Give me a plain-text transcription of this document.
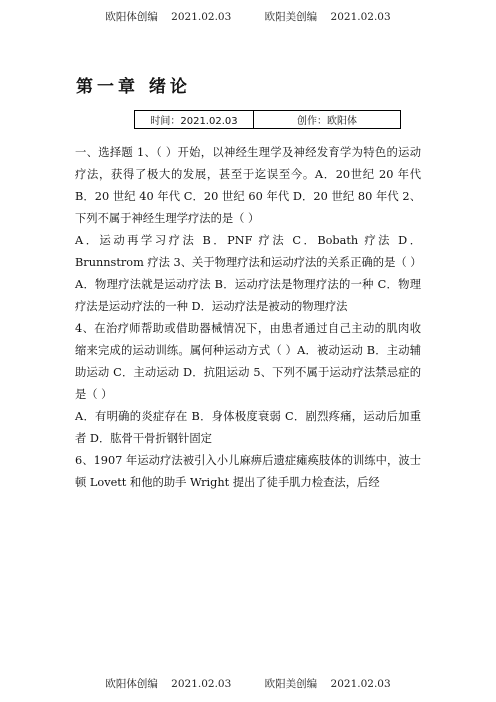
欧阳体创编    2021.02.03          欧阳美创编    2021.02.03
第一章 绪论
时间：2021.02.03	创作：欧阳体

一、选择题 1、（ ）开始，以神经生理学及神经发育学为特色的运动疗法，获得了极大的发展，甚至于迄误至今。A．20世纪 20 年代 B．20 世纪 40 年代 C．20 世纪 60 年代 D．20 世纪 80 年代 2、下列不属于神经生理学疗法的是（ ）

A．运动再学习疗法 B．PNF 疗法 C．Bobath 疗法 D．Brunnstrom 疗法 3、关于物理疗法和运动疗法的关系正确的是（ ）

A．物理疗法就是运动疗法 B．运动疗法是物理疗法的一种 C．物理疗法是运动疗法的一种 D．运动疗法是被动的物理疗法

4、在治疗师帮助或借助器械情况下，由患者通过自己主动的肌肉收缩来完成的运动训练。属何种运动方式（ ）A．被动运动 B．主动辅助运动 C．主动运动 D．抗阻运动 5、下列不属于运动疗法禁忌症的是（ ）

A．有明确的炎症存在 B．身体极度衰弱 C．剧烈疼痛，运动后加重者 D．肱骨干骨折钢针固定

6、1907 年运动疗法被引入小儿麻痹后遗症瘫痪肢体的训练中，波士顿 Lovett 和他的助手 Wright 提出了徒手肌力检查法，后经

欧阳体创编    2021.02.03          欧阳美创编    2021.02.03
